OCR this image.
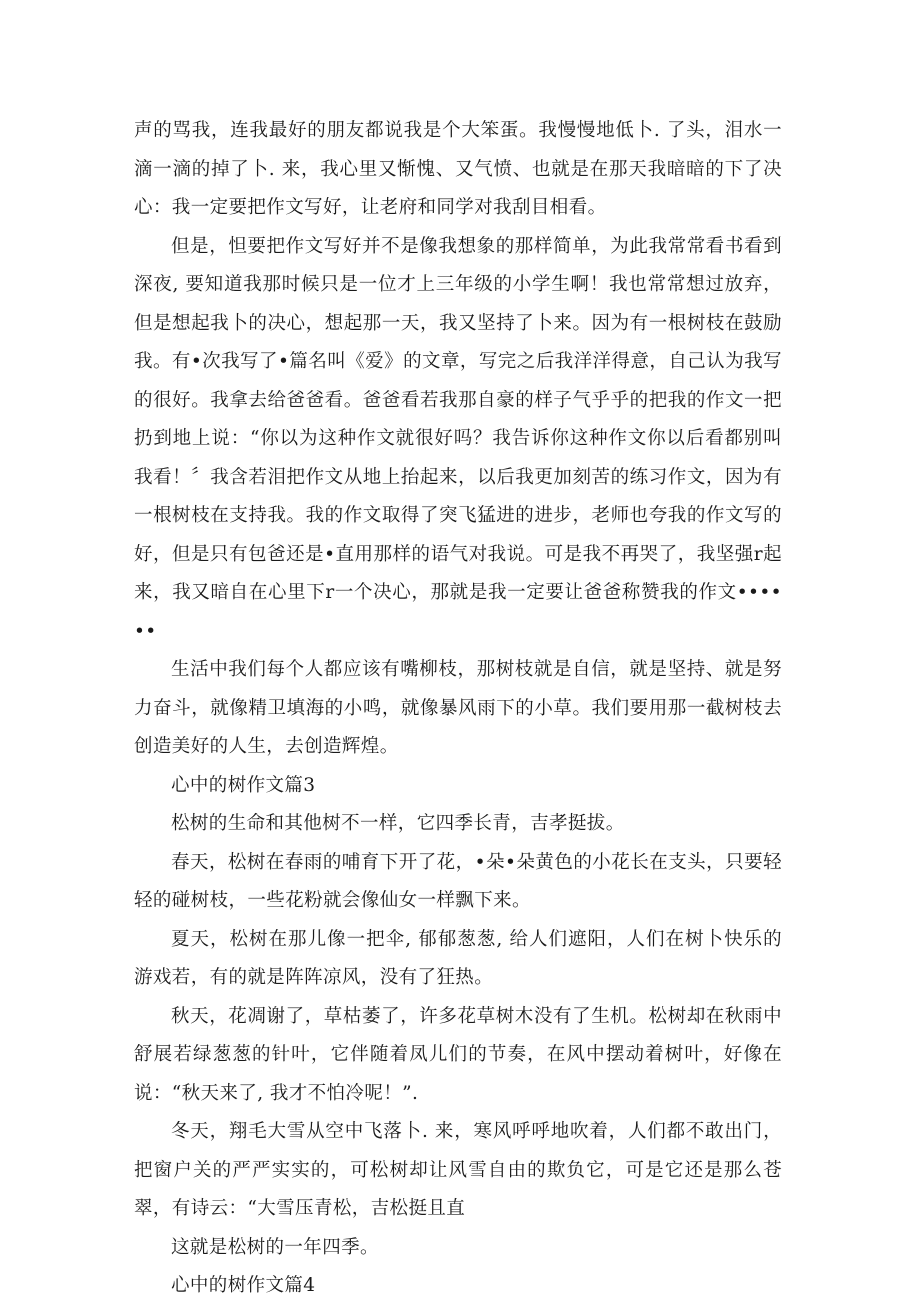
声的骂我，连我最好的朋友都说我是个大笨蛋。我慢慢地低卜. 了头，泪水一滴一滴的掉了卜. 来，我心里又惭愧、又气愤、也就是在那天我暗暗的下了决心：我一定要把作文写好，让老府和同学对我刮目相看。

但是，怛要把作文写好并不是像我想象的那样简单，为此我常常看书看到深夜, 要知道我那时候只是一位才上三年级的小学生啊！我也常常想过放弃，但是想起我卜的决心，想起那一天，我又坚持了卜来。因为有一根树枝在鼓励我。有•次我写了•篇名叫《爱》的文章，写完之后我洋洋得意，自己认为我写的很好。我拿去给爸爸看。爸爸看若我那自豪的样子气乎乎的把我的作文一把扔到地上说：“你以为这种作文就很好吗？我告诉你这种作文你以后看都别叫我看！〞我含若泪把作文从地上抬起来，以后我更加刻苦的练习作文，因为有一根树枝在支持我。我的作文取得了突飞猛进的进步，老师也夸我的作文写的好，但是只有包爸还是•直用那样的语气对我说。可是我不再哭了，我坚强r起来，我又暗自在心里下r一个决心，那就是我一定要让爸爸称赞我的作文••••••

生活中我们每个人都应该有嘴柳枝，那树枝就是自信，就是坚持、就是努力奋斗，就像精卫填海的小鸣，就像暴风雨下的小草。我们要用那一截树枝去创造美好的人生，去创造辉煌。

心中的树作文篇3

松树的生命和其他树不一样，它四季长青，吉孝挺拔。

春天，松树在春雨的哺育下开了花，•朵•朵黄色的小花长在支头，只要轻轻的碰树枝，一些花粉就会像仙女一样飘下来。

夏天，松树在那儿像一把伞, 郁郁葱葱, 给人们遮阳，人们在树卜快乐的游戏若，有的就是阵阵凉风，没有了狂热。

秋天，花凋谢了，草枯萎了，许多花草树木没有了生机。松树却在秋雨中舒展若绿葱葱的针叶，它伴随着凤儿们的节奏，在风中摆动着树叶，好像在说：“秋天来了, 我才不怕冷呢！”.

冬天，翔毛大雪从空中飞落卜. 来，寒风呼呼地吹着，人们都不敢出门，把窗户关的严严实实的，可松树却让风雪自由的欺负它，可是它还是那么苍翠，有诗云：“大雪压青松，吉松挺且直

这就是松树的一年四季。

心中的树作文篇4
